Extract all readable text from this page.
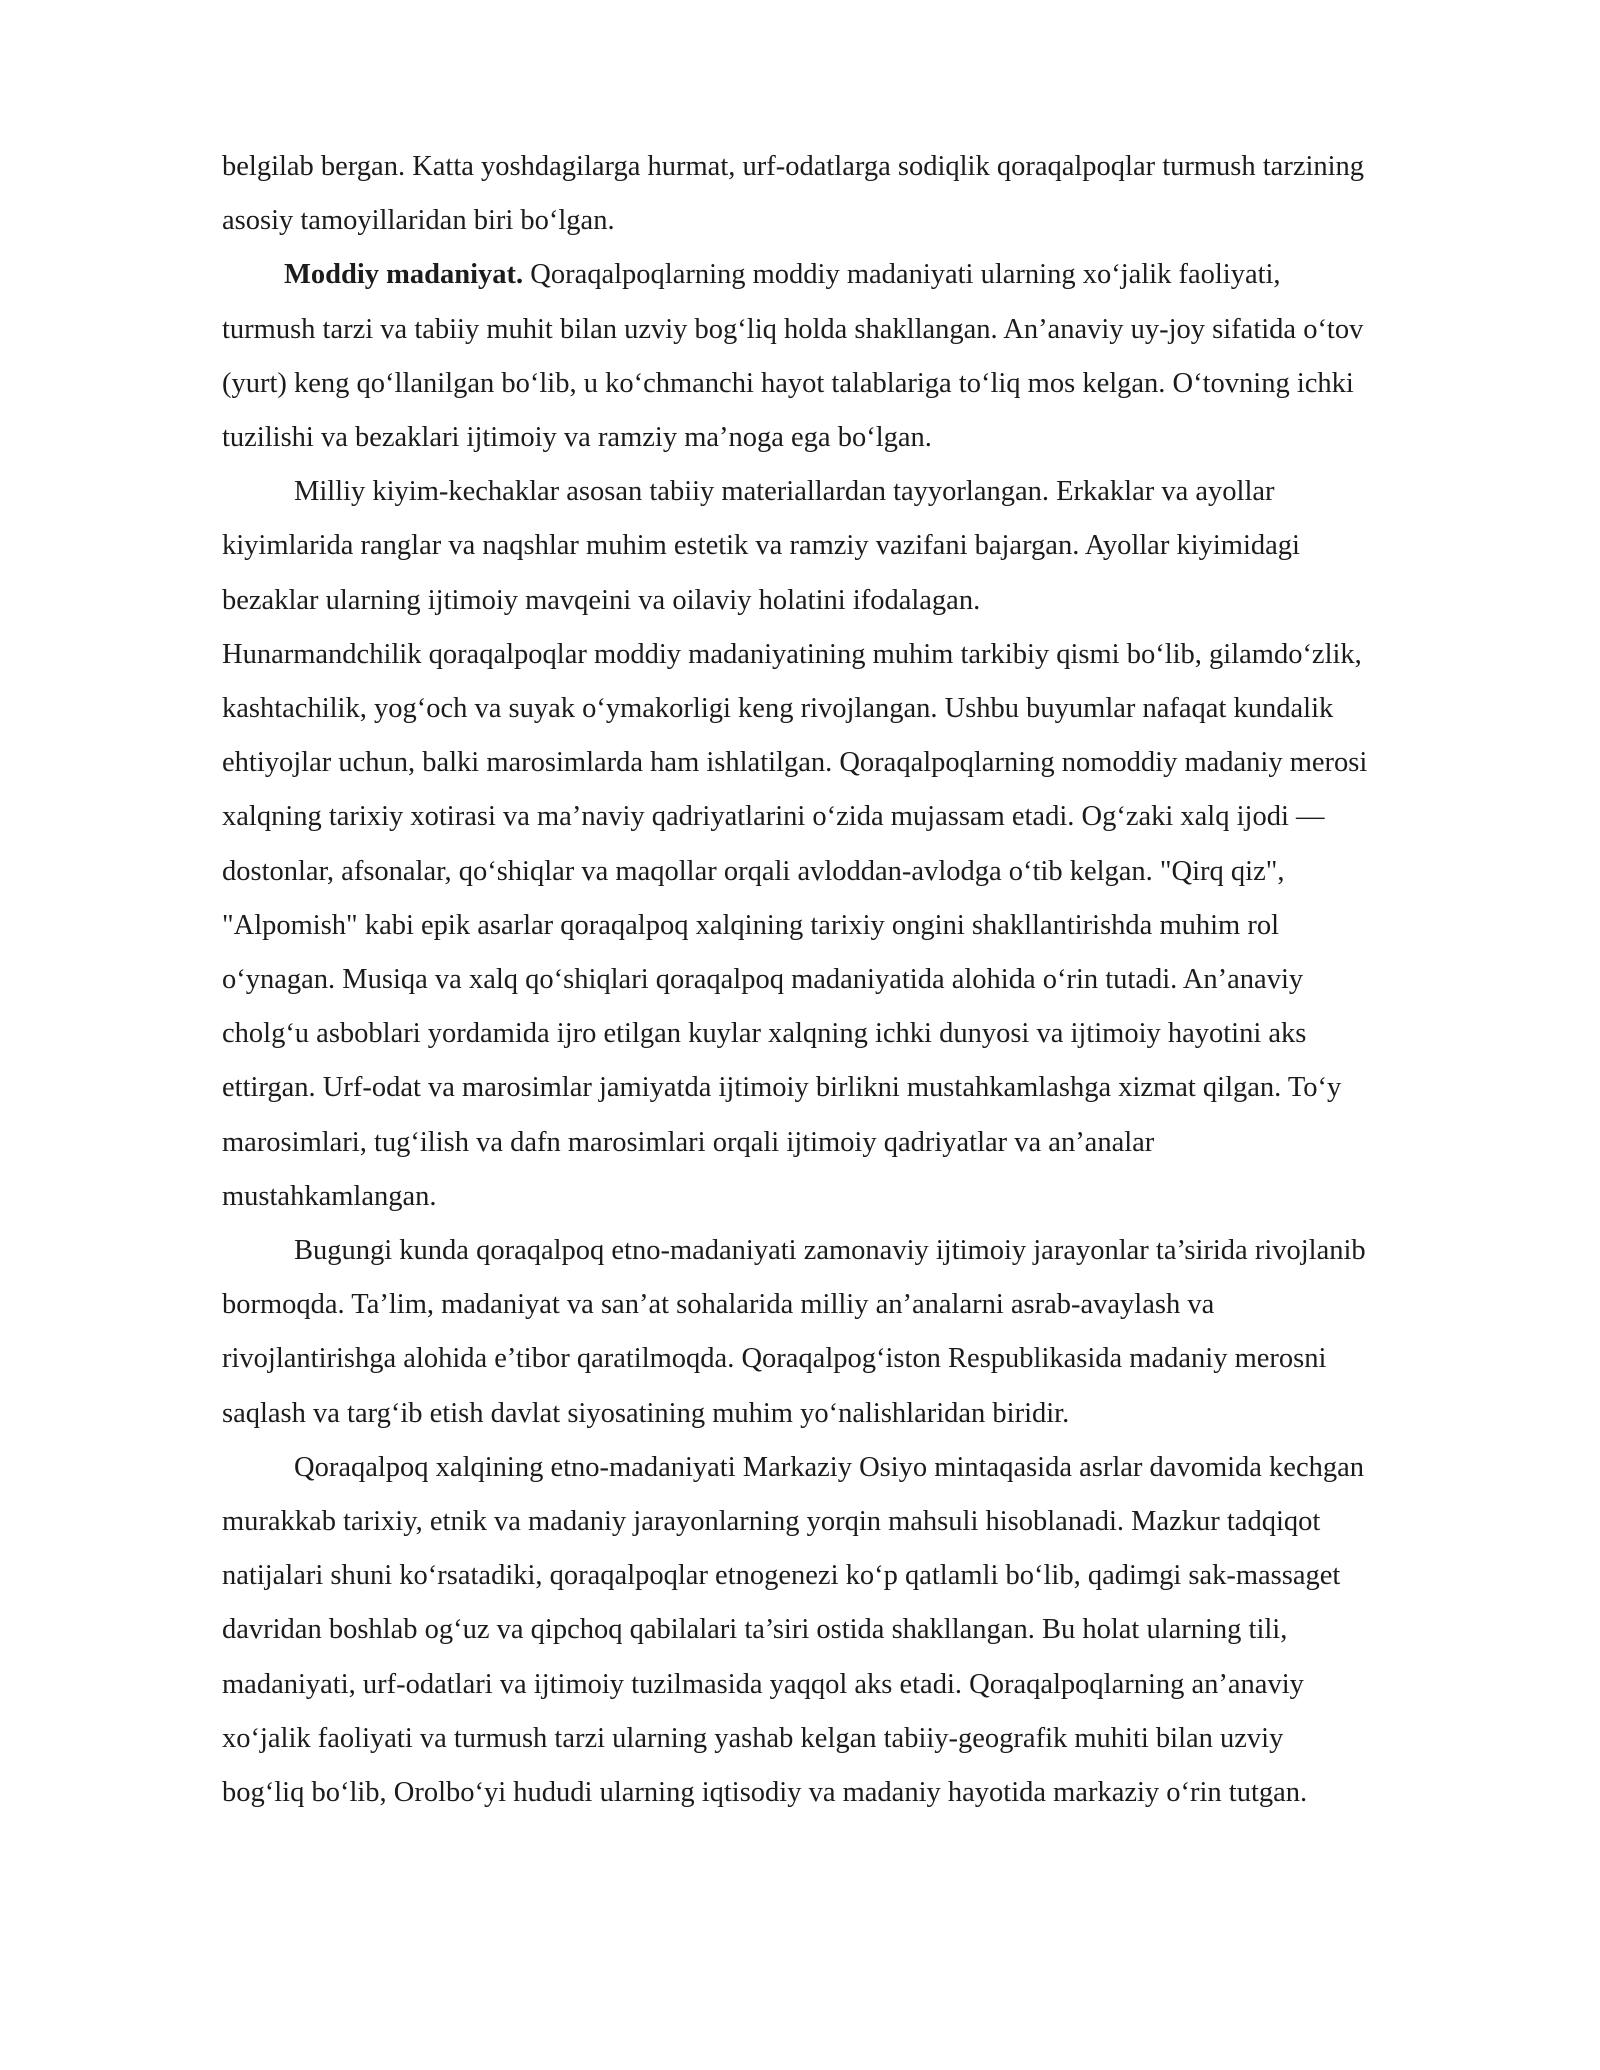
belgilab bergan. Katta yoshdagilarga hurmat, urf-odatlarga sodiqlik qoraqalpoqlar turmush tarzining
asosiy tamoyillaridan biri bo‘lgan.

Moddiy madaniyat. Qoraqalpoqlarning moddiy madaniyati ularning xo‘jalik faoliyati,
turmush tarzi va tabiiy muhit bilan uzviy bog‘liq holda shakllangan. An’anaviy uy-joy sifatida o‘tov
(yurt) keng qo‘llanilgan bo‘lib, u ko‘chmanchi hayot talablariga to‘liq mos kelgan. O‘tovning ichki
tuzilishi va bezaklari ijtimoiy va ramziy ma’noga ega bo‘lgan.

Milliy kiyim-kechaklar asosan tabiiy materiallardan tayyorlangan. Erkaklar va ayollar
kiyimlarida ranglar va naqshlar muhim estetik va ramziy vazifani bajargan. Ayollar kiyimidagi
bezaklar ularning ijtimoiy mavqeini va oilaviy holatini ifodalagan.

Hunarmandchilik qoraqalpoqlar moddiy madaniyatining muhim tarkibiy qismi bo‘lib, gilamdo‘zlik,
kashtachilik, yog‘och va suyak o‘ymakorligi keng rivojlangan. Ushbu buyumlar nafaqat kundalik
ehtiyojlar uchun, balki marosimlarda ham ishlatilgan. Qoraqalpoqlarning nomoddiy madaniy merosi
xalqning tarixiy xotirasi va ma’naviy qadriyatlarini o‘zida mujassam etadi. Og‘zaki xalq ijodi —
dostonlar, afsonalar, qo‘shiqlar va maqollar orqali avloddan-avlodga o‘tib kelgan. "Qirq qiz",
"Alpomish" kabi epik asarlar qoraqalpoq xalqining tarixiy ongini shakllantirishda muhim rol
o‘ynagan. Musiqa va xalq qo‘shiqlari qoraqalpoq madaniyatida alohida o‘rin tutadi. An’anaviy
cholg‘u asboblari yordamida ijro etilgan kuylar xalqning ichki dunyosi va ijtimoiy hayotini aks
ettirgan. Urf-odat va marosimlar jamiyatda ijtimoiy birlikni mustahkamlashga xizmat qilgan. To‘y
marosimlari, tug‘ilish va dafn marosimlari orqali ijtimoiy qadriyatlar va an’analar
mustahkamlangan.

Bugungi kunda qoraqalpoq etno-madaniyati zamonaviy ijtimoiy jarayonlar ta’sirida rivojlanib
bormoqda. Ta’lim, madaniyat va san’at sohalarida milliy an’analarni asrab-avaylash va
rivojlantirishga alohida e’tibor qaratilmoqda. Qoraqalpog‘iston Respublikasida madaniy merosni
saqlash va targ‘ib etish davlat siyosatining muhim yo‘nalishlaridan biridir.

Qoraqalpoq xalqining etno-madaniyati Markaziy Osiyo mintaqasida asrlar davomida kechgan
murakkab tarixiy, etnik va madaniy jarayonlarning yorqin mahsuli hisoblanadi. Mazkur tadqiqot
natijalari shuni ko‘rsatadiki, qoraqalpoqlar etnogenezi ko‘p qatlamli bo‘lib, qadimgi sak-massaget
davridan boshlab og‘uz va qipchoq qabilalari ta’siri ostida shakllangan. Bu holat ularning tili,
madaniyati, urf-odatlari va ijtimoiy tuzilmasida yaqqol aks etadi. Qoraqalpoqlarning an’anaviy
xo‘jalik faoliyati va turmush tarzi ularning yashab kelgan tabiiy-geografik muhiti bilan uzviy
bog‘liq bo‘lib, Orolbo‘yi hududi ularning iqtisodiy va madaniy hayotida markaziy o‘rin tutgan.
